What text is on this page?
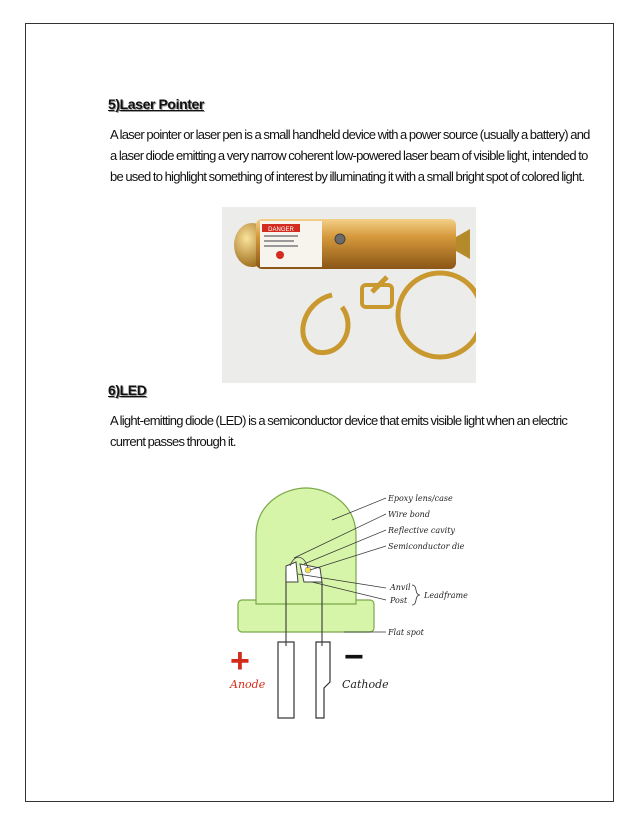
5)Laser Pointer
A laser pointer or laser pen is a small handheld device with a power source (usually a battery) and
a laser diode emitting a very narrow coherent low-powered laser beam of visible light, intended to
be used to highlight something of interest by illuminating it with a small bright spot of colored light.
DANGER
6)LED
A light-emitting diode (LED) is a semiconductor device that emits visible light when an electric
current passes through it.
Epoxy lens/case
Wire bond
Reflective cavity
Semiconductor die
Anvil
Post
Leadframe
Flat spot
+	−
Anode	Cathode
